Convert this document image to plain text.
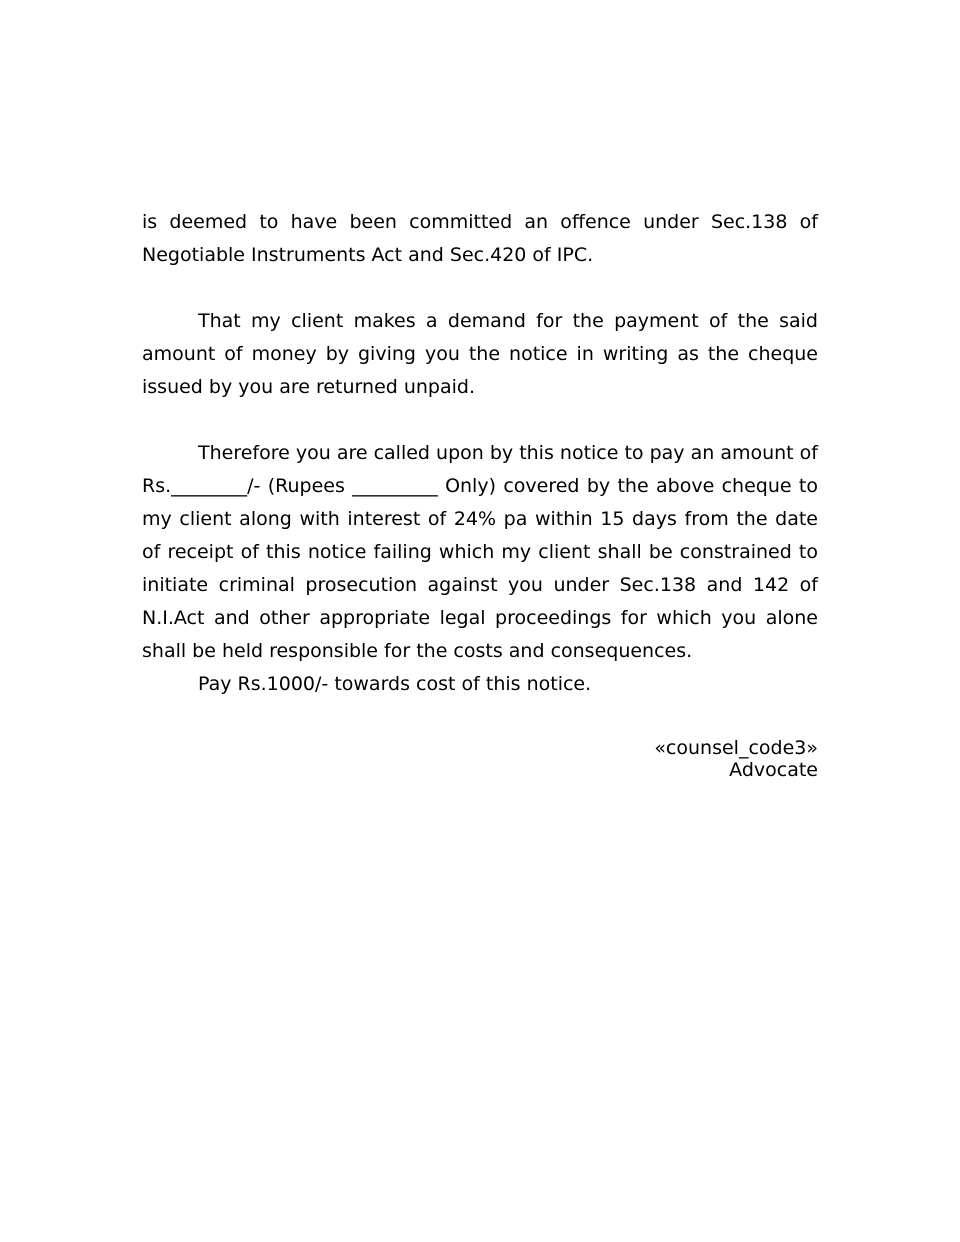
is deemed to have been committed an offence under Sec.138 of Negotiable Instruments Act and Sec.420 of IPC.

That my client makes a demand for the payment of the said amount of money by giving you the notice in writing as the cheque issued by you are returned unpaid.

Therefore you are called upon by this notice to pay an amount of Rs.________/- (Rupees _________ Only) covered by the above cheque to my client along with interest of 24% pa within 15 days from the date of receipt of this notice failing which my client shall be constrained to initiate criminal prosecution against you under Sec.138 and 142 of N.I.Act and other appropriate legal proceedings for which you alone shall be held responsible for the costs and consequences.

Pay Rs.1000/- towards cost of this notice.

«counsel_code3»
Advocate
